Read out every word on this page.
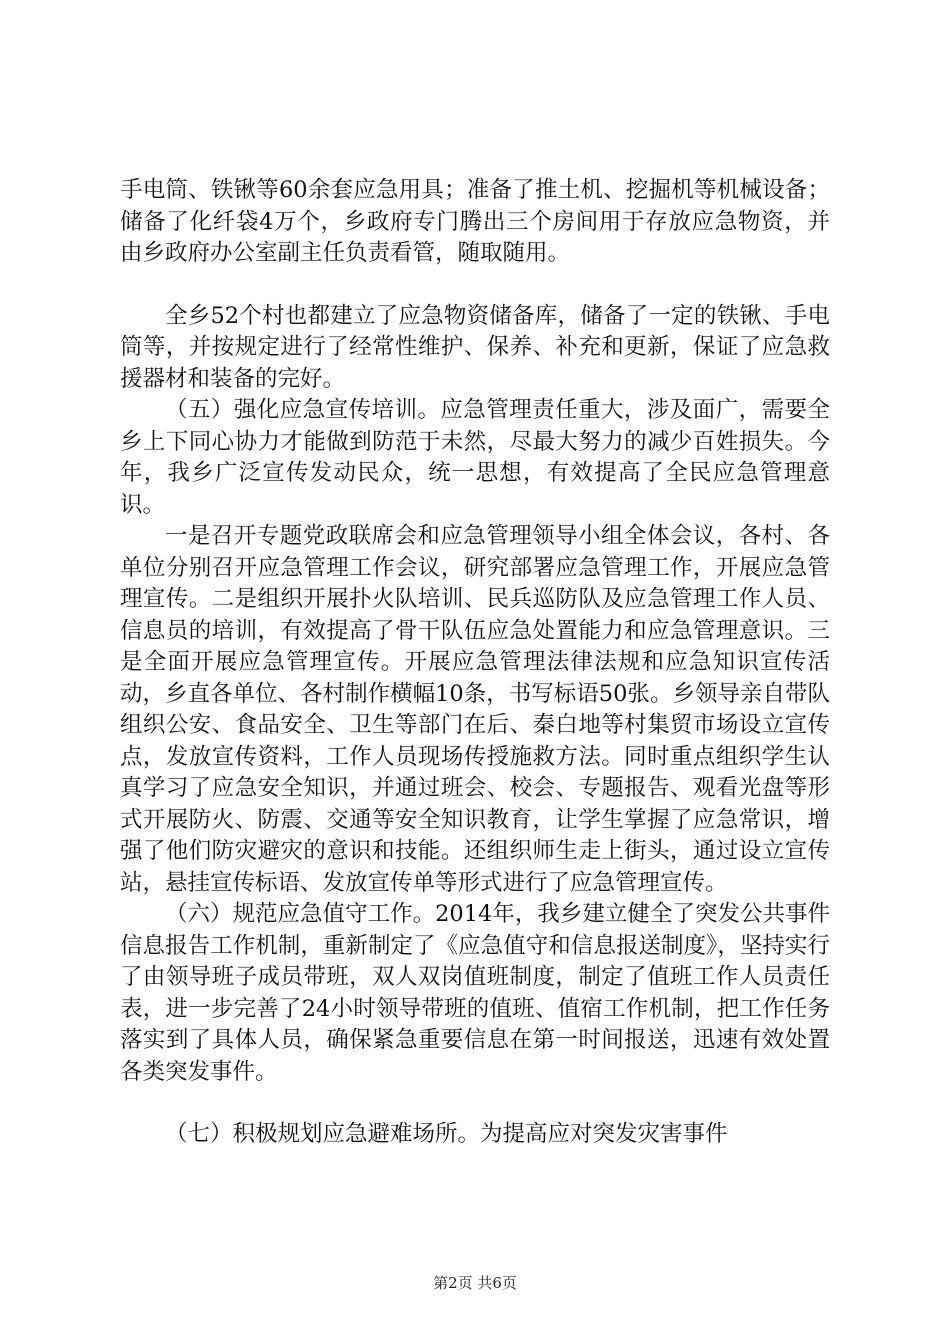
手电筒、铁锹等60余套应急用具；准备了推土机、挖掘机等机械设备；储备了化纤袋4万个，乡政府专门腾出三个房间用于存放应急物资，并由乡政府办公室副主任负责看管，随取随用。

全乡52个村也都建立了应急物资储备库，储备了一定的铁锹、手电筒等，并按规定进行了经常性维护、保养、补充和更新，保证了应急救援器材和装备的完好。

（五）强化应急宣传培训。应急管理责任重大，涉及面广，需要全乡上下同心协力才能做到防范于未然，尽最大努力的减少百姓损失。今年，我乡广泛宣传发动民众，统一思想，有效提高了全民应急管理意识。

一是召开专题党政联席会和应急管理领导小组全体会议，各村、各单位分别召开应急管理工作会议，研究部署应急管理工作，开展应急管理宣传。二是组织开展扑火队培训、民兵巡防队及应急管理工作人员、信息员的培训，有效提高了骨干队伍应急处置能力和应急管理意识。三是全面开展应急管理宣传。开展应急管理法律法规和应急知识宣传活动，乡直各单位、各村制作横幅10条，书写标语50张。乡领导亲自带队组织公安、食品安全、卫生等部门在后、秦白地等村集贸市场设立宣传点，发放宣传资料，工作人员现场传授施救方法。同时重点组织学生认真学习了应急安全知识，并通过班会、校会、专题报告、观看光盘等形式开展防火、防震、交通等安全知识教育，让学生掌握了应急常识，增强了他们防灾避灾的意识和技能。还组织师生走上街头，通过设立宣传站，悬挂宣传标语、发放宣传单等形式进行了应急管理宣传。

（六）规范应急值守工作。2014年，我乡建立健全了突发公共事件信息报告工作机制，重新制定了《应急值守和信息报送制度》，坚持实行了由领导班子成员带班，双人双岗值班制度，制定了值班工作人员责任表，进一步完善了24小时领导带班的值班、值宿工作机制，把工作任务落实到了具体人员，确保紧急重要信息在第一时间报送，迅速有效处置各类突发事件。

（七）积极规划应急避难场所。为提高应对突发灾害事件

第2页 共6页
